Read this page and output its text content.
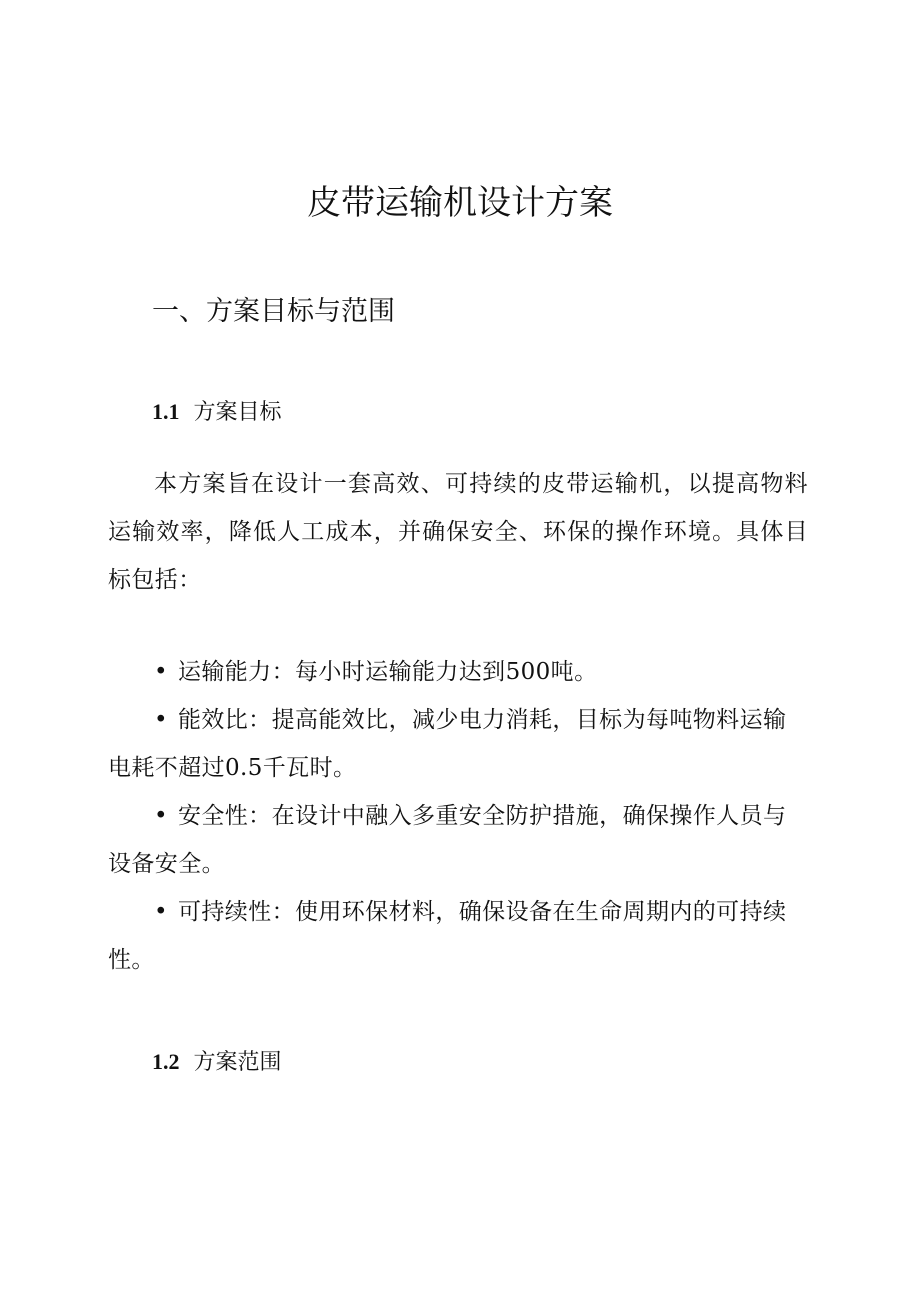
皮带运输机设计方案
一、方案目标与范围
1.1 方案目标

本方案旨在设计一套高效、可持续的皮带运输机，以提高物料运输效率，降低人工成本，并确保安全、环保的操作环境。具体目标包括：

• 运输能力：每小时运输能力达到500吨。
• 能效比：提高能效比，减少电力消耗，目标为每吨物料运输电耗不超过0.5千瓦时。
• 安全性：在设计中融入多重安全防护措施，确保操作人员与设备安全。
• 可持续性：使用环保材料，确保设备在生命周期内的可持续性。
1.2 方案范围
